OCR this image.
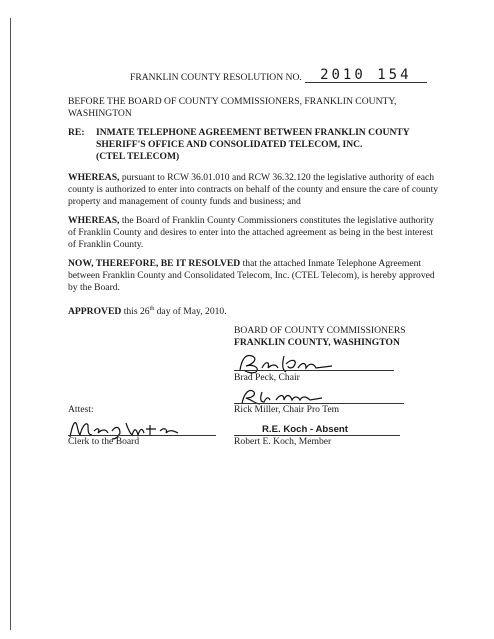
FRANKLIN COUNTY RESOLUTION NO.	2010 154
BEFORE THE BOARD OF COUNTY COMMISSIONERS, FRANKLIN COUNTY,
WASHINGTON
RE: INMATE TELEPHONE AGREEMENT BETWEEN FRANKLIN COUNTY
SHERIFF'S OFFICE AND CONSOLIDATED TELECOM, INC.
(CTEL TELECOM)
WHEREAS, pursuant to RCW 36.01.010 and RCW 36.32.120 the legislative authority of each county is authorized to enter into contracts on behalf of the county and ensure the care of county property and management of county funds and business; and
WHEREAS, the Board of Franklin County Commissioners constitutes the legislative authority of Franklin County and desires to enter into the attached agreement as being in the best interest of Franklin County.
NOW, THEREFORE, BE IT RESOLVED that the attached Inmate Telephone Agreement between Franklin County and Consolidated Telecom, Inc. (CTEL Telecom), is hereby approved by the Board.
APPROVED this 26th day of May, 2010.
BOARD OF COUNTY COMMISSIONERS
FRANKLIN COUNTY, WASHINGTON
Brad Peck, Chair
Rick Miller, Chair Pro Tem
Attest:
Clerk to the Board
R.E. Koch - Absent
Robert E. Koch, Member
